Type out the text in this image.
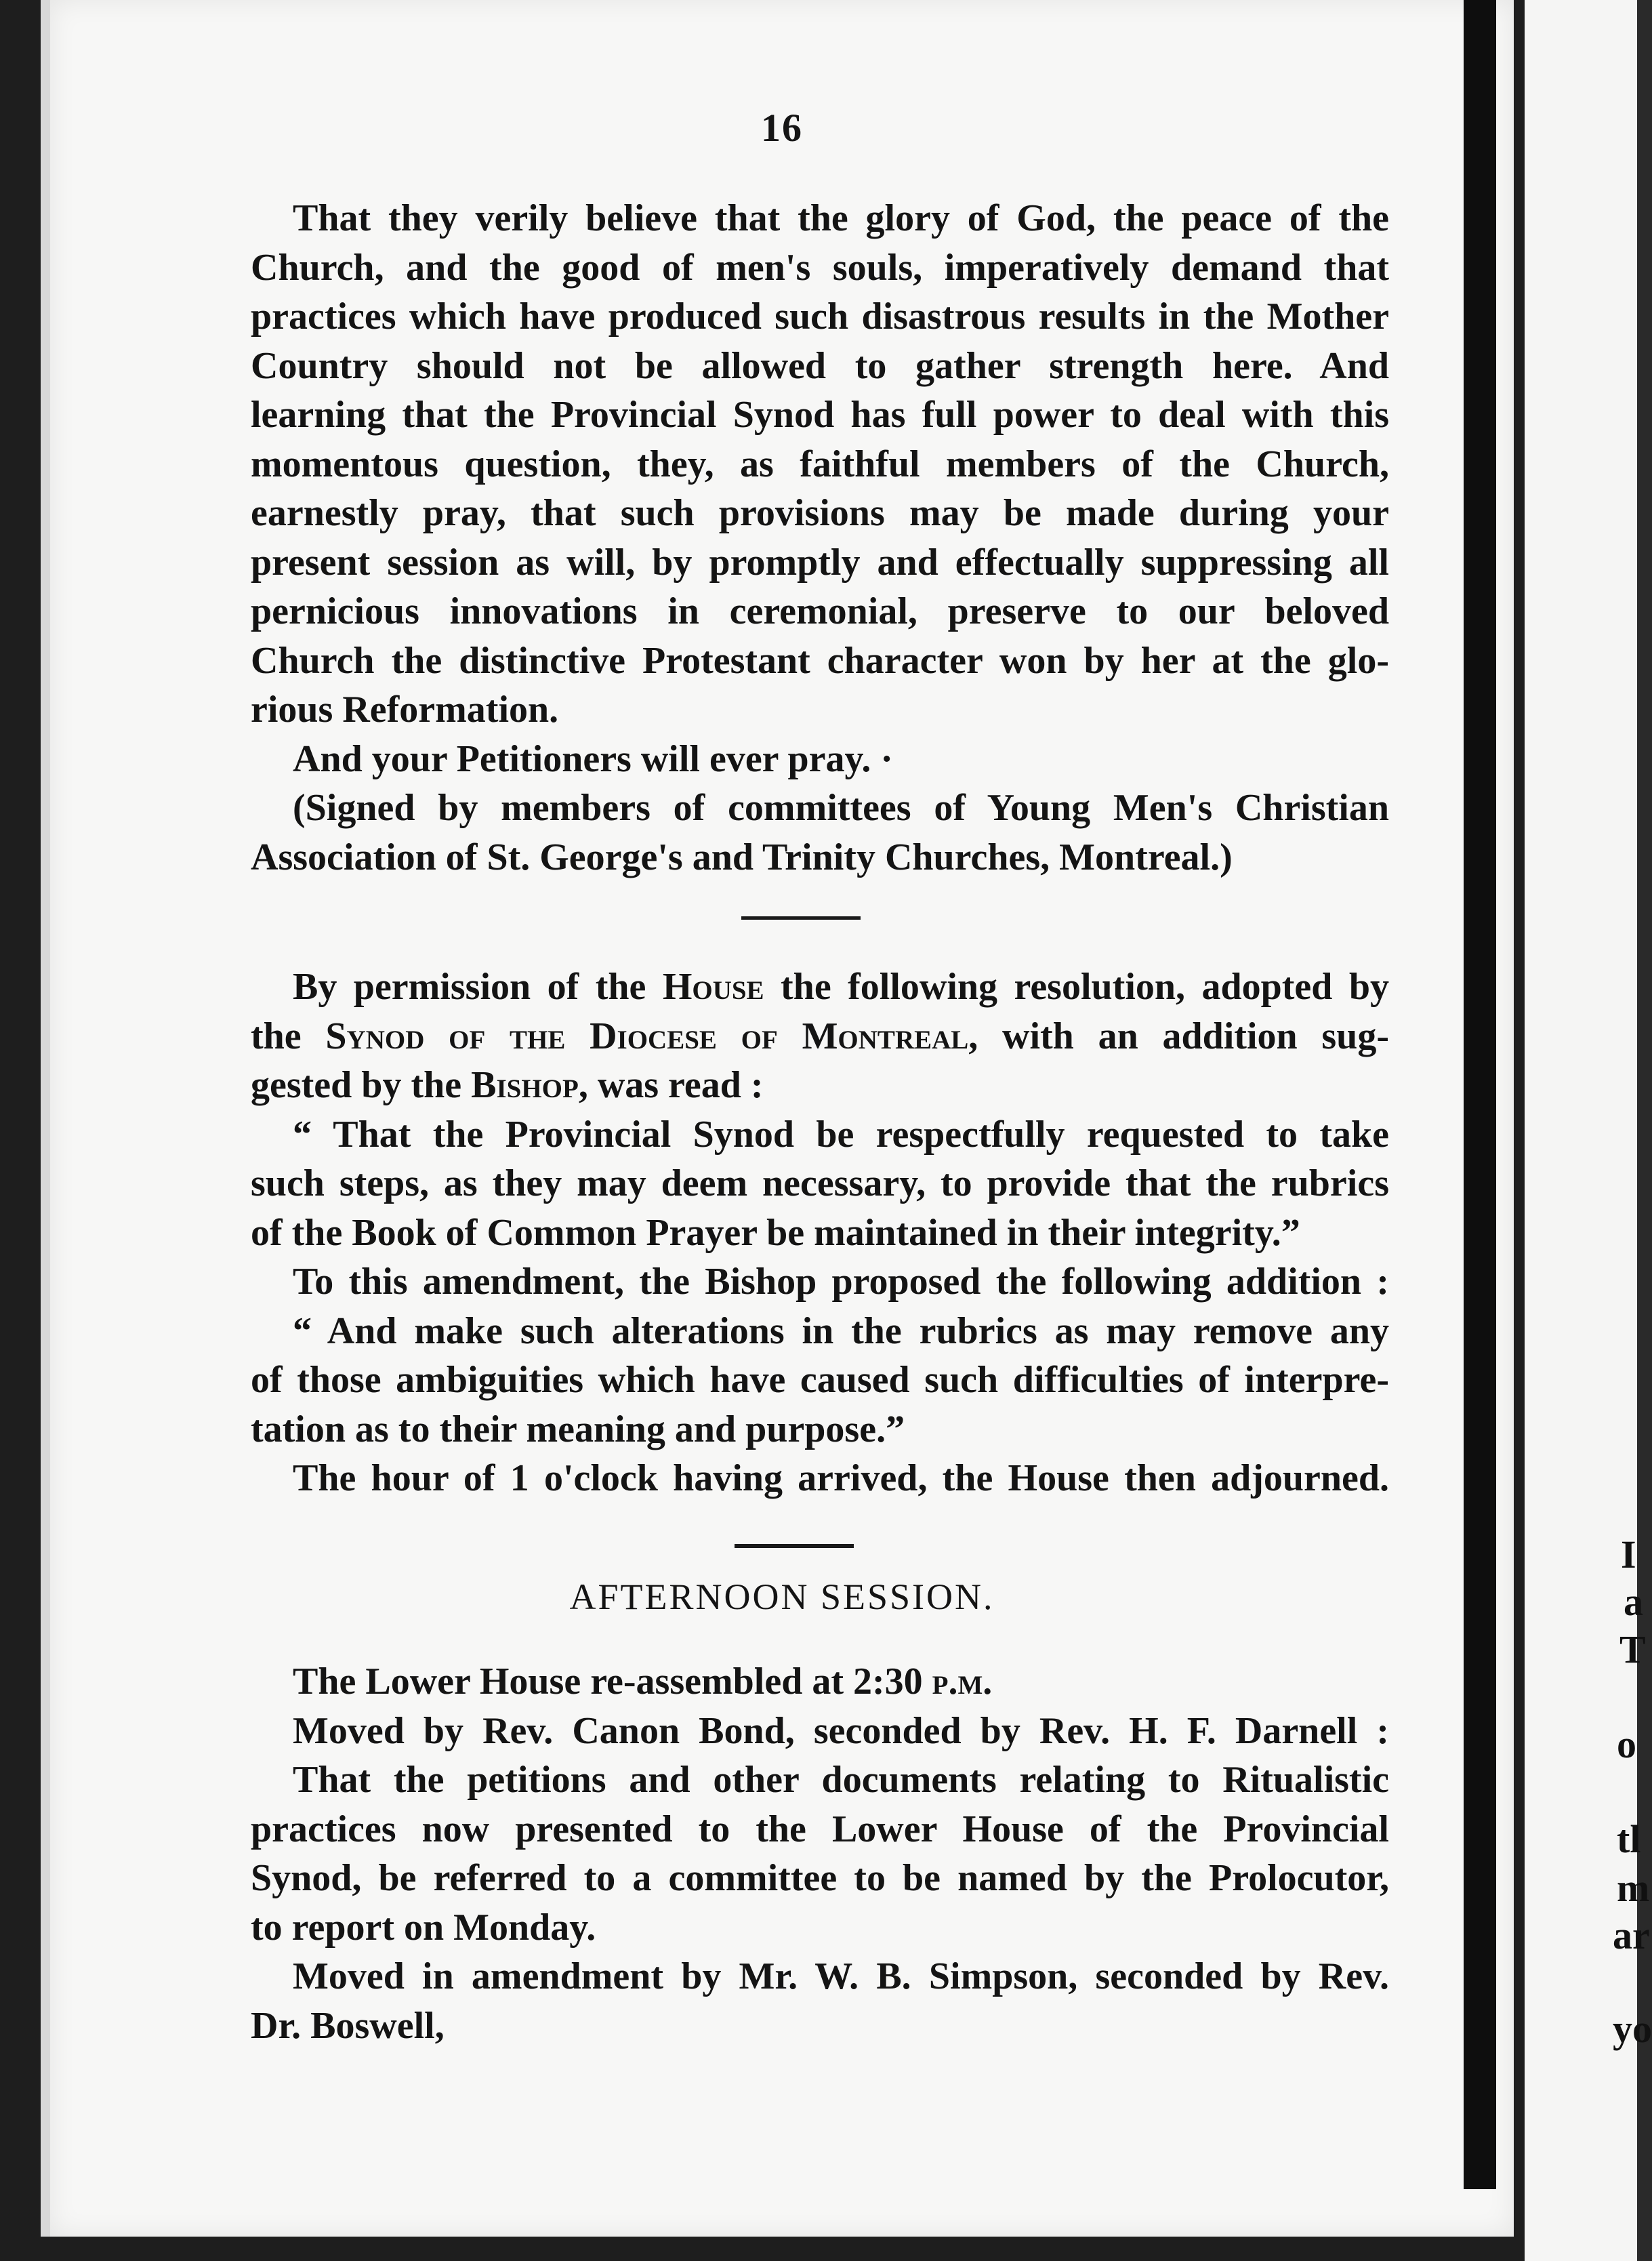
16

That they verily believe that the glory of God, the peace of the

Church, and the good of men's souls, imperatively demand that

practices which have produced such disastrous results in the Mother

Country should not be allowed to gather strength here. And

learning that the Provincial Synod has full power to deal with this

momentous question, they, as faithful members of the Church,

earnestly pray, that such provisions may be made during your

present session as will, by promptly and effectually suppressing all

pernicious innovations in ceremonial, preserve to our beloved

Church the distinctive Protestant character won by her at the glo-

rious Reformation.

And your Petitioners will ever pray. ·

(Signed by members of committees of Young Men's Christian

Association of St. George's and Trinity Churches, Montreal.)

By permission of the House the following resolution, adopted by

the Synod of the Diocese of Montreal, with an addition sug-

gested by the Bishop, was read :

“ That the Provincial Synod be respectfully requested to take

such steps, as they may deem necessary, to provide that the rubrics

of the Book of Common Prayer be maintained in their integrity.”

To this amendment, the Bishop proposed the following addition :

“ And make such alterations in the rubrics as may remove any

of those ambiguities which have caused such difficulties of interpre-

tation as to their meaning and purpose.”

The hour of 1 o'clock having arrived, the House then adjourned.

AFTERNOON SESSION.

The Lower House re-assembled at 2:30 p.m.

Moved by Rev. Canon Bond, seconded by Rev. H. F. Darnell :

That the petitions and other documents relating to Ritualistic

practices now presented to the Lower House of the Provincial

Synod, be referred to a committee to be named by the Prolocutor,

to report on Monday.

Moved in amendment by Mr. W. B. Simpson, seconded by Rev.

Dr. Boswell,

I
a
T
o
tl
m
ar
yo
